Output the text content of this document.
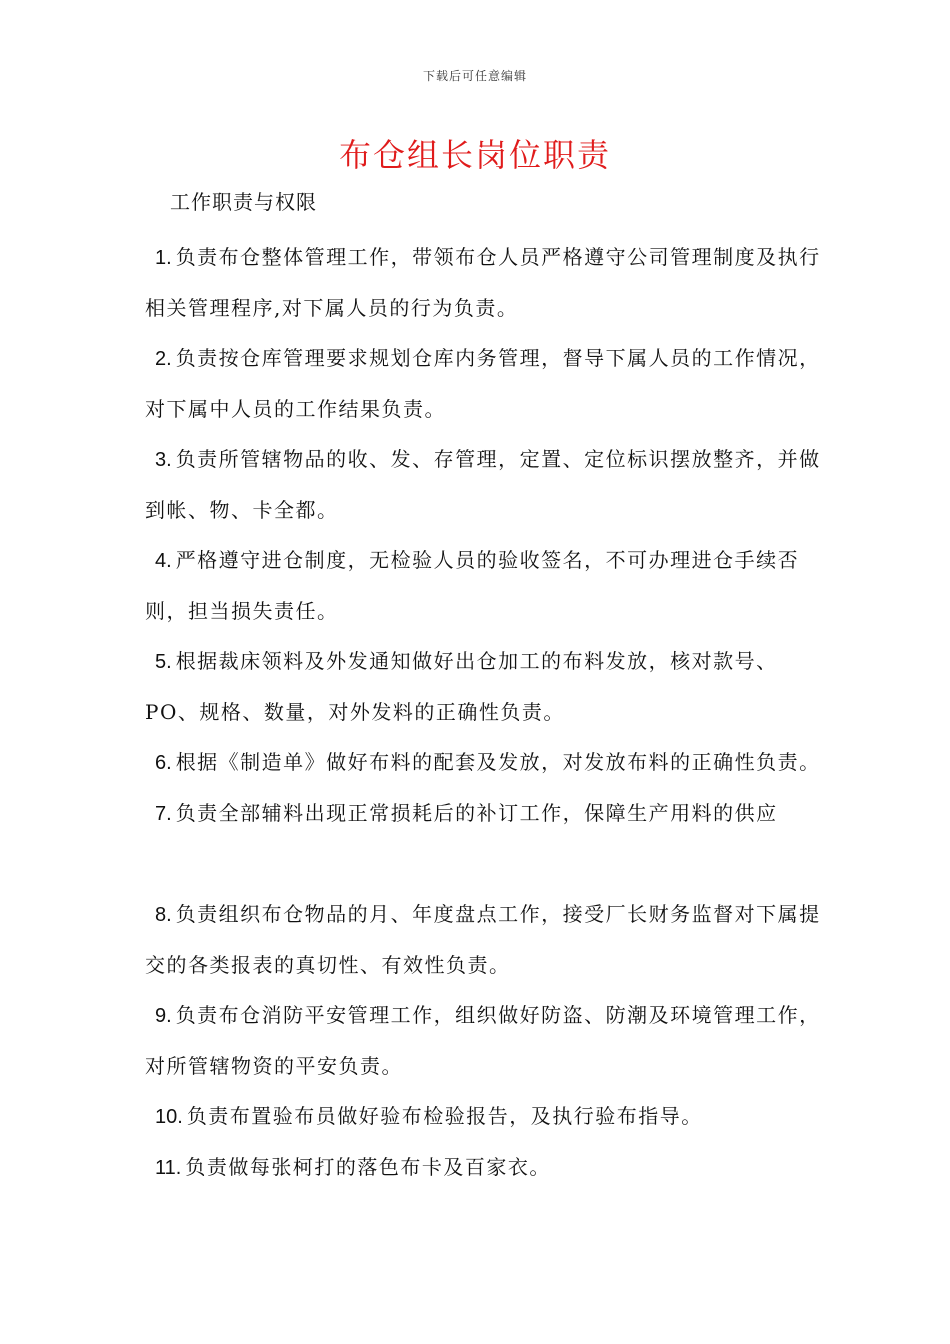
下载后可任意编辑
布仓组长岗位职责
工作职责与权限

1. 负责布仓整体管理工作，带领布仓人员严格遵守公司管理制度及执行相关管理程序,对下属人员的行为负责。

2. 负责按仓库管理要求规划仓库内务管理，督导下属人员的工作情况，对下属中人员的工作结果负责。

3. 负责所管辖物品的收、发、存管理，定置、定位标识摆放整齐，并做到帐、物、卡全都。

4. 严格遵守进仓制度，无检验人员的验收签名，不可办理进仓手续否则，担当损失责任。

5. 根据裁床领料及外发通知做好出仓加工的布料发放，核对款号、PO、规格、数量，对外发料的正确性负责。

6. 根据《制造单》做好布料的配套及发放，对发放布料的正确性负责。

7. 负责全部辅料出现正常损耗后的补订工作，保障生产用料的供应

8. 负责组织布仓物品的月、年度盘点工作，接受厂长财务监督对下属提交的各类报表的真切性、有效性负责。

9. 负责布仓消防平安管理工作，组织做好防盗、防潮及环境管理工作，对所管辖物资的平安负责。

10. 负责布置验布员做好验布检验报告，及执行验布指导。

11. 负责做每张柯打的落色布卡及百家衣。
